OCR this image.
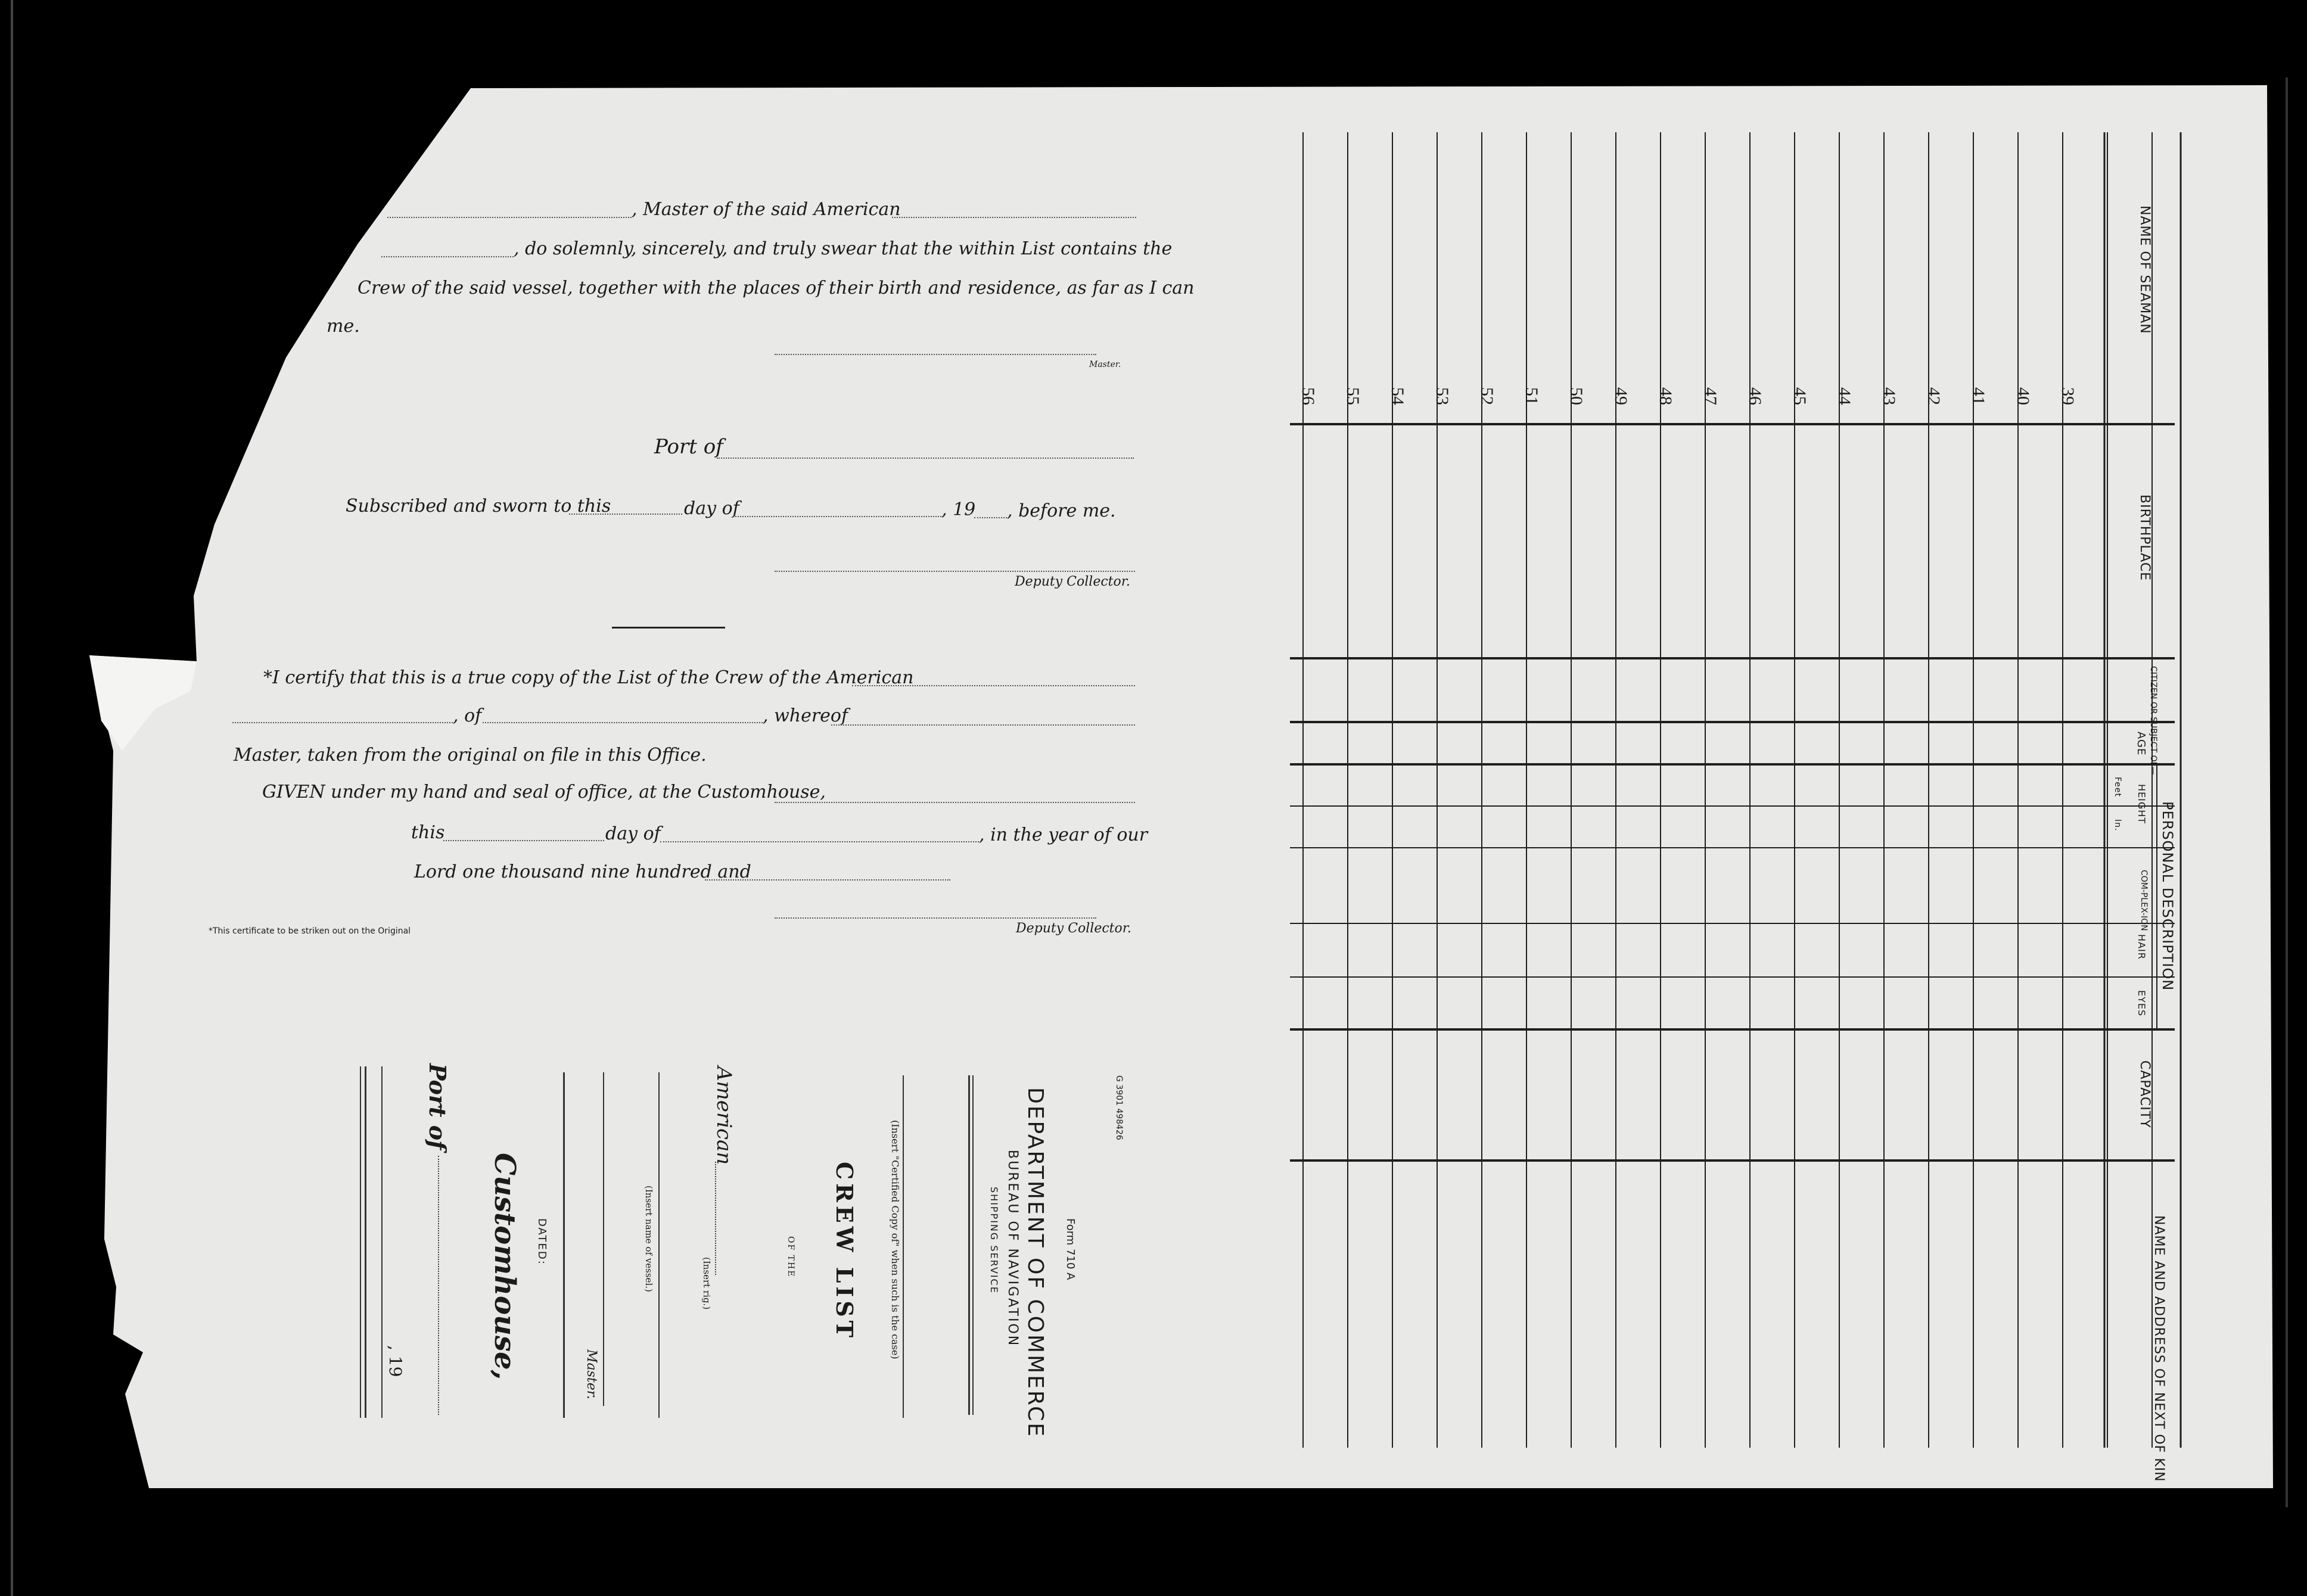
, Master of the said American
, do solemnly, sincerely, and truly swear that the within List contains the
Crew of the said vessel, together with the places of their birth and residence, as far as I can
me.
Master.
Port of
Subscribed and sworn to this	day of	, 19 , before me.
Deputy Collector.
*I certify that this is a true copy of the List of the Crew of the American
, of	, whereof
Master, taken from the original on file in this Office.
GIVEN under my hand and seal of office, at the Customhouse,
this	day of	, in the year of our
Lord one thousand nine hundred and
Deputy Collector.
*This certificate to be striken out on the Original
G 3901 498426
Form 710 A
DEPARTMENT OF COMMERCE
BUREAU OF NAVIGATION
SHIPPING SERVICE
(Insert "Certified Copy of" when such is the case)
CREW LIST
OF THE
American
(Insert rig.)
(Insert name of vessel.)
Master.
DATED:
Customhouse,
Port of
, 19
NAME OF SEAMAN
BIRTHPLACE
CITIZEN OR SUBJECT OF—
AGE
PERSONAL DESCRIPTION
HEIGHT
Feet
In.
COM-PLEX-ION
HAIR
EYES
CAPACITY
NAME AND ADDRESS OF NEXT OF KIN
39
40
41
42
43
44
45
46
47
48
49
50
51
52
53
54
55
56
